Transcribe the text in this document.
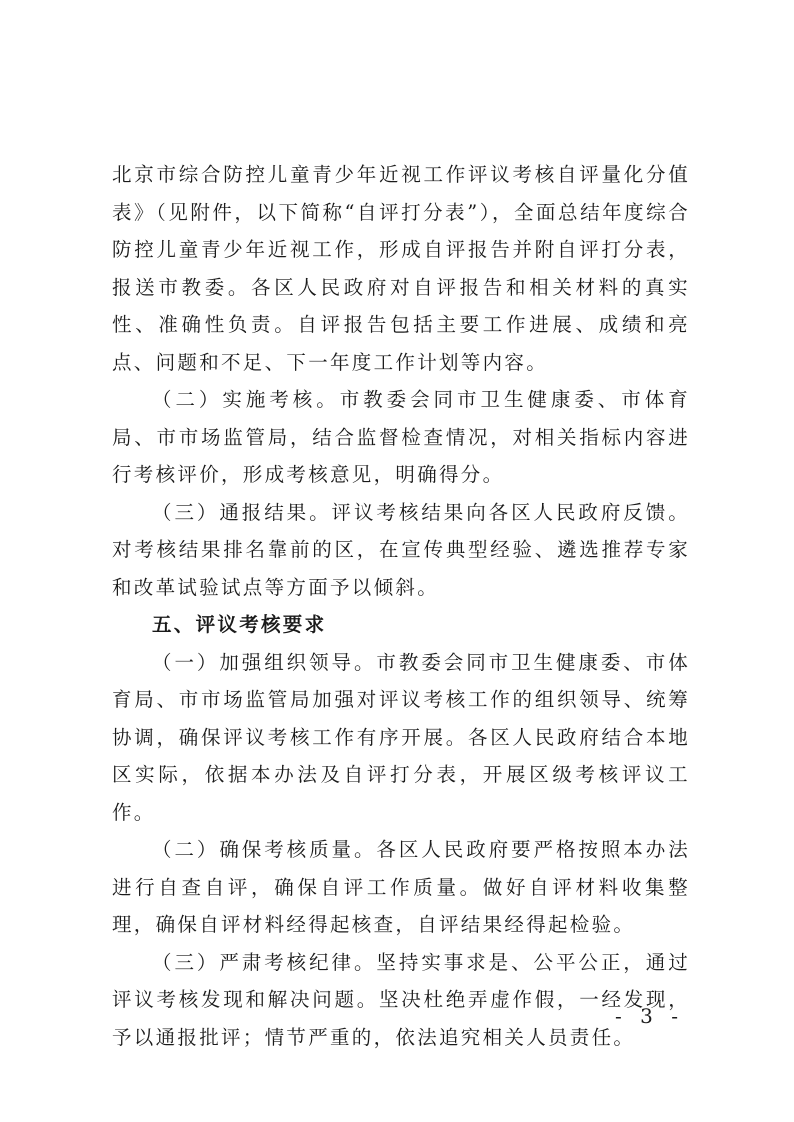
北京市综合防控儿童青少年近视工作评议考核自评量化分值表》（见附件，以下简称“自评打分表”），全面总结年度综合防控儿童青少年近视工作，形成自评报告并附自评打分表，报送市教委。各区人民政府对自评报告和相关材料的真实性、准确性负责。自评报告包括主要工作进展、成绩和亮点、问题和不足、下一年度工作计划等内容。

（二）实施考核。市教委会同市卫生健康委、市体育局、市市场监管局，结合监督检查情况，对相关指标内容进行考核评价，形成考核意见，明确得分。

（三）通报结果。评议考核结果向各区人民政府反馈。对考核结果排名靠前的区，在宣传典型经验、遴选推荐专家和改革试验试点等方面予以倾斜。

五、评议考核要求

（一）加强组织领导。市教委会同市卫生健康委、市体育局、市市场监管局加强对评议考核工作的组织领导、统筹协调，确保评议考核工作有序开展。各区人民政府结合本地区实际，依据本办法及自评打分表，开展区级考核评议工作。

（二）确保考核质量。各区人民政府要严格按照本办法进行自查自评，确保自评工作质量。做好自评材料收集整理，确保自评材料经得起核查，自评结果经得起检验。

（三）严肃考核纪律。坚持实事求是、公平公正，通过评议考核发现和解决问题。坚决杜绝弄虚作假，一经发现，予以通报批评；情节严重的，依法追究相关人员责任。

- 3 -
